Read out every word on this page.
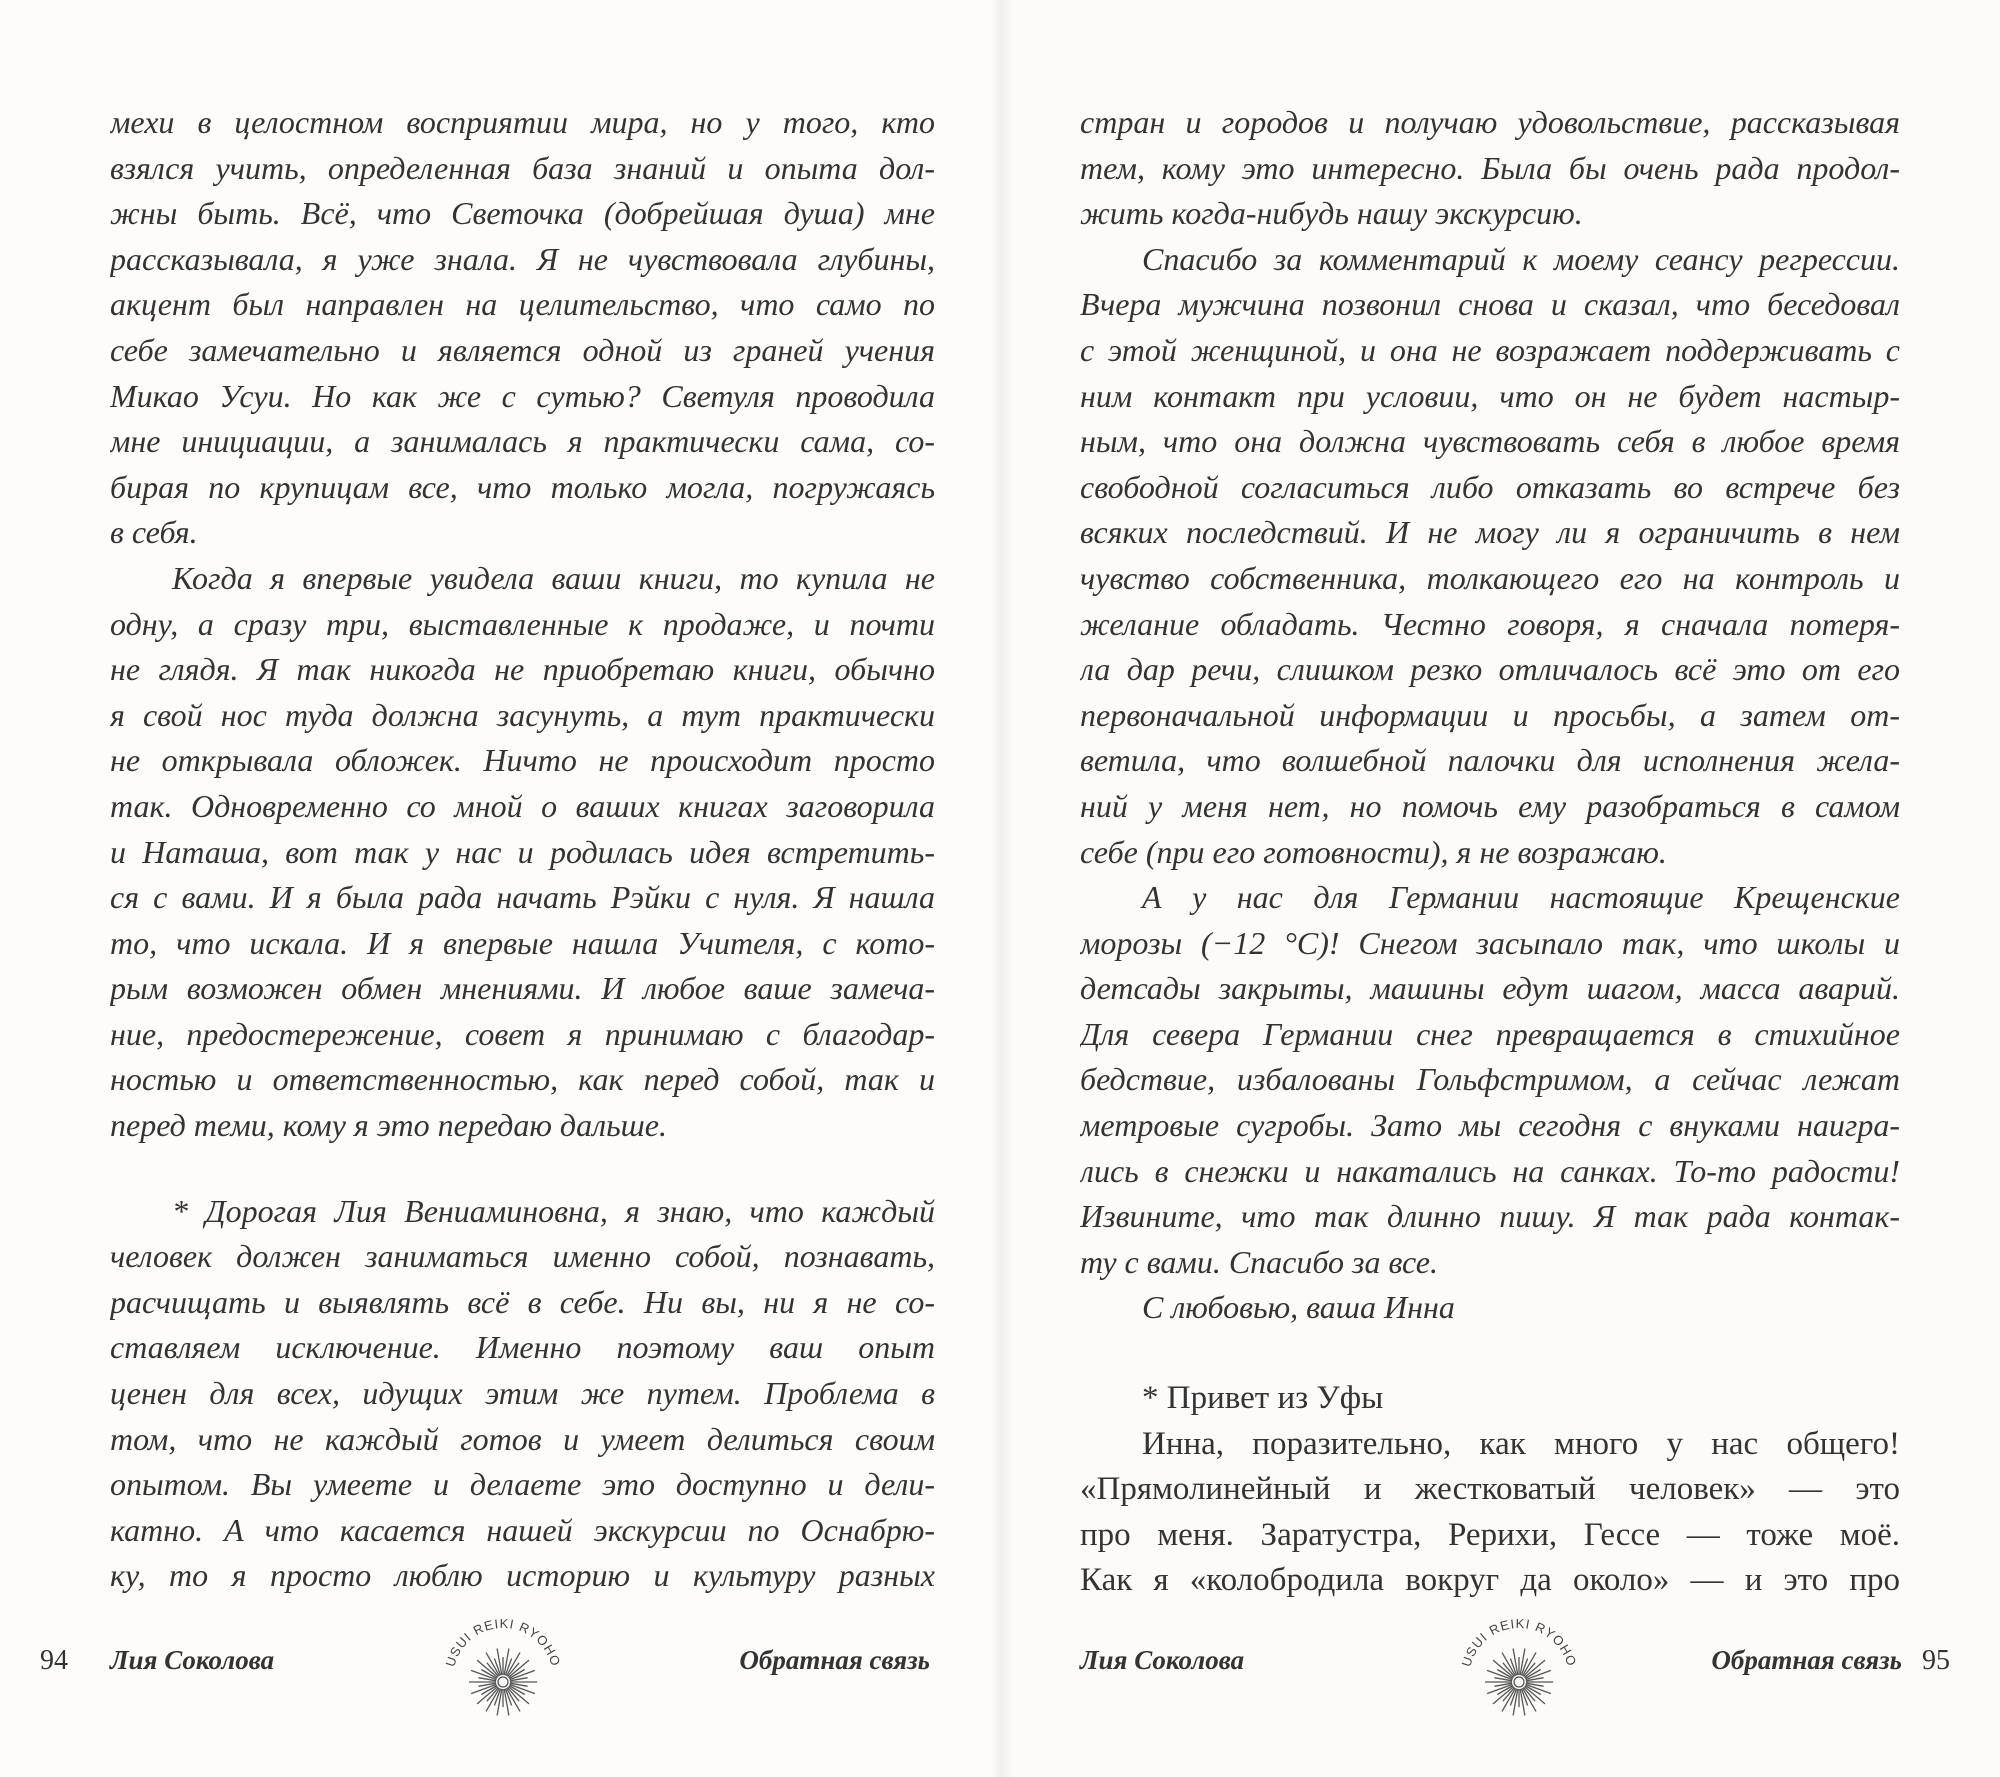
мехи в целостном восприятии мира, но у того, кто
взялся учить, определенная база знаний и опыта дол-
жны быть. Всё, что Светочка (добрейшая душа) мне
рассказывала, я уже знала. Я не чувствовала глубины,
акцент был направлен на целительство, что само по
себе замечательно и является одной из граней учения
Микао Усуи. Но как же с сутью? Светуля проводила
мне инициации, а занималась я практически сама, со-
бирая по крупицам все, что только могла, погружаясь
в себя.
Когда я впервые увидела ваши книги, то купила не
одну, а сразу три, выставленные к продаже, и почти
не глядя. Я так никогда не приобретаю книги, обычно
я свой нос туда должна засунуть, а тут практически
не открывала обложек. Ничто не происходит просто
так. Одновременно со мной о ваших книгах заговорила
и Наташа, вот так у нас и родилась идея встретить-
ся с вами. И я была рада начать Рэйки с нуля. Я нашла
то, что искала. И я впервые нашла Учителя, с кото-
рым возможен обмен мнениями. И любое ваше замеча-
ние, предостережение, совет я принимаю с благодар-
ностью и ответственностью, как перед собой, так и
перед теми, кому я это передаю дальше.
* Дорогая Лия Вениаминовна, я знаю, что каждый
человек должен заниматься именно собой, познавать,
расчищать и выявлять всё в себе. Ни вы, ни я не со-
ставляем исключение. Именно поэтому ваш опыт
ценен для всех, идущих этим же путем. Проблема в
том, что не каждый готов и умеет делиться своим
опытом. Вы умеете и делаете это доступно и дели-
катно. А что касается нашей экскурсии по Оснабрю-
ку, то я просто люблю историю и культуру разных
94 Лия Соколова	Обратная связь
USUI REIKI RYOHO
стран и городов и получаю удовольствие, рассказывая
тем, кому это интересно. Была бы очень рада продол-
жить когда-нибудь нашу экскурсию.
Спасибо за комментарий к моему сеансу регрессии.
Вчера мужчина позвонил снова и сказал, что беседовал
с этой женщиной, и она не возражает поддерживать с
ним контакт при условии, что он не будет настыр-
ным, что она должна чувствовать себя в любое время
свободной согласиться либо отказать во встрече без
всяких последствий. И не могу ли я ограничить в нем
чувство собственника, толкающего его на контроль и
желание обладать. Честно говоря, я сначала потеря-
ла дар речи, слишком резко отличалось всё это от его
первоначальной информации и просьбы, а затем от-
ветила, что волшебной палочки для исполнения жела-
ний у меня нет, но помочь ему разобраться в самом
себе (при его готовности), я не возражаю.
А у нас для Германии настоящие Крещенские
морозы (−12 °С)! Снегом засыпало так, что школы и
детсады закрыты, машины едут шагом, масса аварий.
Для севера Германии снег превращается в стихийное
бедствие, избалованы Гольфстримом, а сейчас лежат
метровые сугробы. Зато мы сегодня с внуками наигра-
лись в снежки и накатались на санках. То-то радости!
Извините, что так длинно пишу. Я так рада контак-
ту с вами. Спасибо за все.
С любовью, ваша Инна
* Привет из Уфы
Инна, поразительно, как много у нас общего!
«Прямолинейный и жестковатый человек» — это
про меня. Заратустра, Рерихи, Гессе — тоже моё.
Как я «колобродила вокруг да около» — и это про
Лия Соколова	Обратная связь 95
USUI REIKI RYOHO
